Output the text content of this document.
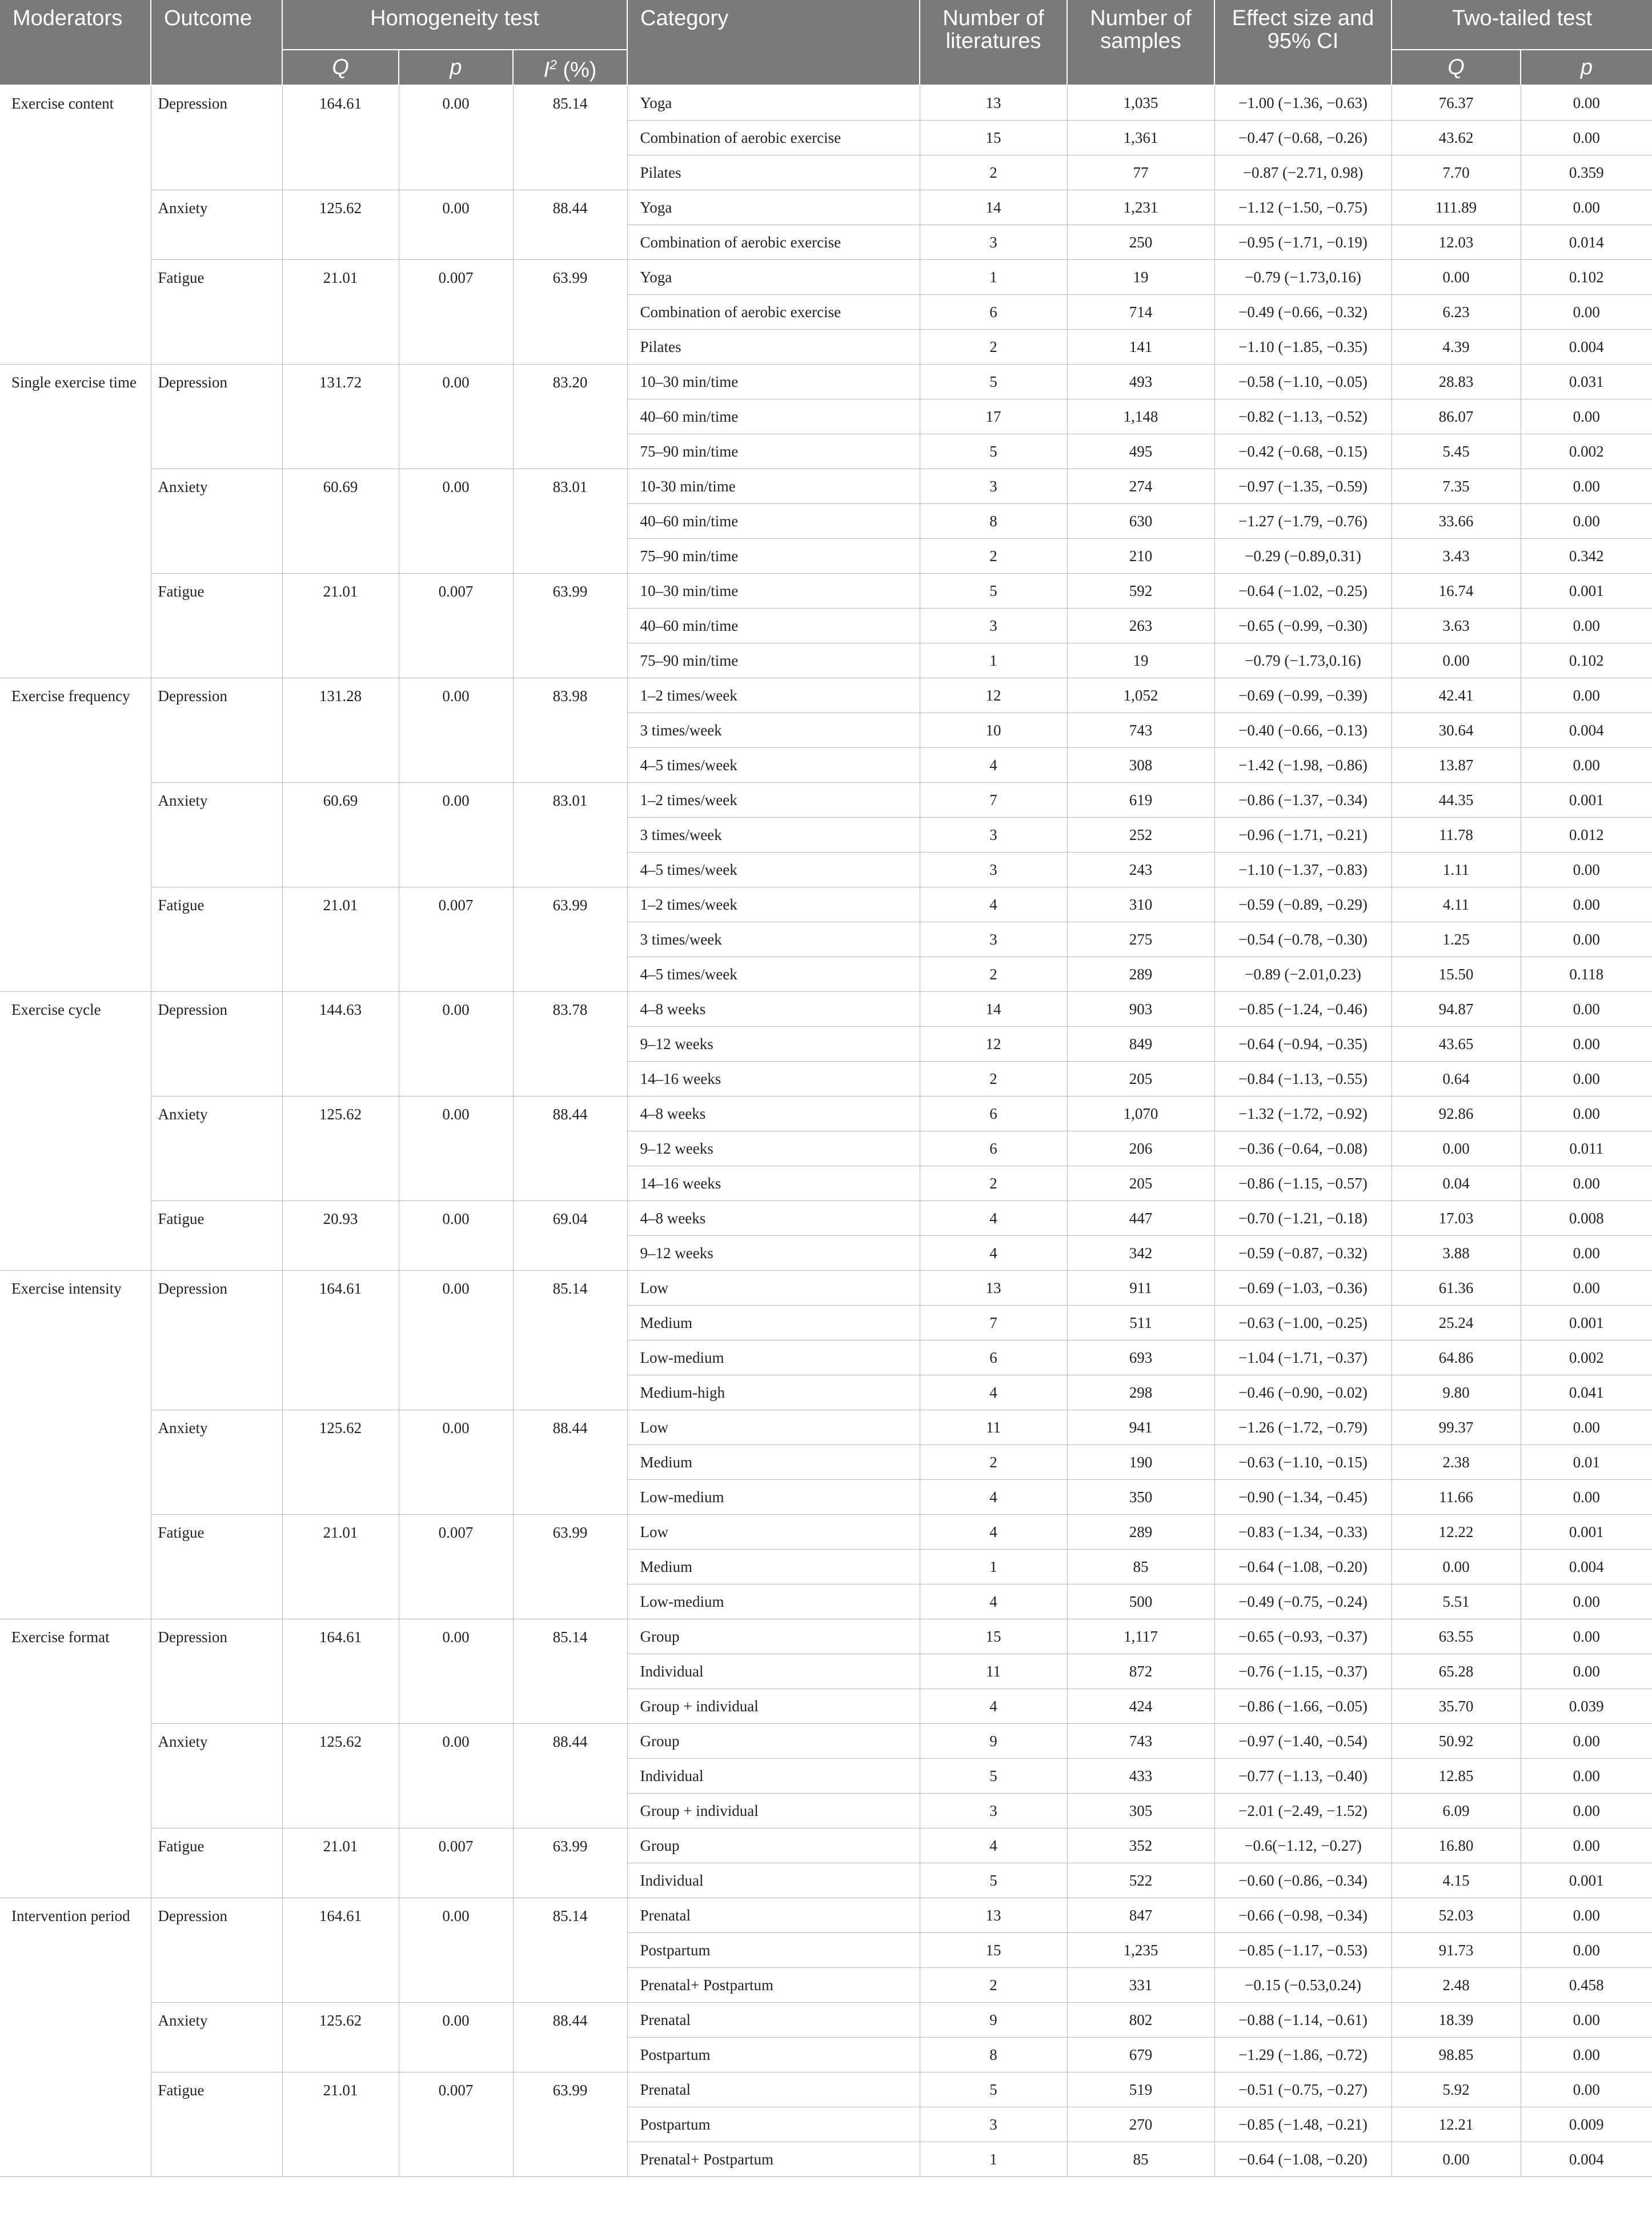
Moderators	Outcome	Homogeneity test			Category	Number of literatures	Number of samples	Effect size and 95% CI	Two-tailed test	
		Q	p	$I^2$ (%)					Q	p
Exercise content	Depression	164.61	0.00	85.14	Yoga	13	1,035	−1.00 (−1.36, −0.63)	76.37	0.00
					Combination of aerobic exercise	15	1,361	−0.47 (−0.68, −0.26)	43.62	0.00
					Pilates	2	77	−0.87 (−2.71, 0.98)	7.70	0.359
	Anxiety	125.62	0.00	88.44	Yoga	14	1,231	−1.12 (−1.50, −0.75)	111.89	0.00
					Combination of aerobic exercise	3	250	−0.95 (−1.71, −0.19)	12.03	0.014
	Fatigue	21.01	0.007	63.99	Yoga	1	19	−0.79 (−1.73,0.16)	0.00	0.102
					Combination of aerobic exercise	6	714	−0.49 (−0.66, −0.32)	6.23	0.00
					Pilates	2	141	−1.10 (−1.85, −0.35)	4.39	0.004
Single exercise time	Depression	131.72	0.00	83.20	10–30 min/time	5	493	−0.58 (−1.10, −0.05)	28.83	0.031
					40–60 min/time	17	1,148	−0.82 (−1.13, −0.52)	86.07	0.00
					75–90 min/time	5	495	−0.42 (−0.68, −0.15)	5.45	0.002
	Anxiety	60.69	0.00	83.01	10-30 min/time	3	274	−0.97 (−1.35, −0.59)	7.35	0.00
					40–60 min/time	8	630	−1.27 (−1.79, −0.76)	33.66	0.00
					75–90 min/time	2	210	−0.29 (−0.89,0.31)	3.43	0.342
	Fatigue	21.01	0.007	63.99	10–30 min/time	5	592	−0.64 (−1.02, −0.25)	16.74	0.001
					40–60 min/time	3	263	−0.65 (−0.99, −0.30)	3.63	0.00
					75–90 min/time	1	19	−0.79 (−1.73,0.16)	0.00	0.102
Exercise frequency	Depression	131.28	0.00	83.98	1–2 times/week	12	1,052	−0.69 (−0.99, −0.39)	42.41	0.00
					3 times/week	10	743	−0.40 (−0.66, −0.13)	30.64	0.004
					4–5 times/week	4	308	−1.42 (−1.98, −0.86)	13.87	0.00
	Anxiety	60.69	0.00	83.01	1–2 times/week	7	619	−0.86 (−1.37, −0.34)	44.35	0.001
					3 times/week	3	252	−0.96 (−1.71, −0.21)	11.78	0.012
					4–5 times/week	3	243	−1.10 (−1.37, −0.83)	1.11	0.00
	Fatigue	21.01	0.007	63.99	1–2 times/week	4	310	−0.59 (−0.89, −0.29)	4.11	0.00
					3 times/week	3	275	−0.54 (−0.78, −0.30)	1.25	0.00
					4–5 times/week	2	289	−0.89 (−2.01,0.23)	15.50	0.118
Exercise cycle	Depression	144.63	0.00	83.78	4–8 weeks	14	903	−0.85 (−1.24, −0.46)	94.87	0.00
					9–12 weeks	12	849	−0.64 (−0.94, −0.35)	43.65	0.00
					14–16 weeks	2	205	−0.84 (−1.13, −0.55)	0.64	0.00
	Anxiety	125.62	0.00	88.44	4–8 weeks	6	1,070	−1.32 (−1.72, −0.92)	92.86	0.00
					9–12 weeks	6	206	−0.36 (−0.64, −0.08)	0.00	0.011
					14–16 weeks	2	205	−0.86 (−1.15, −0.57)	0.04	0.00
	Fatigue	20.93	0.00	69.04	4–8 weeks	4	447	−0.70 (−1.21, −0.18)	17.03	0.008
					9–12 weeks	4	342	−0.59 (−0.87, −0.32)	3.88	0.00
Exercise intensity	Depression	164.61	0.00	85.14	Low	13	911	−0.69 (−1.03, −0.36)	61.36	0.00
					Medium	7	511	−0.63 (−1.00, −0.25)	25.24	0.001
					Low-medium	6	693	−1.04 (−1.71, −0.37)	64.86	0.002
					Medium-high	4	298	−0.46 (−0.90, −0.02)	9.80	0.041
	Anxiety	125.62	0.00	88.44	Low	11	941	−1.26 (−1.72, −0.79)	99.37	0.00
					Medium	2	190	−0.63 (−1.10, −0.15)	2.38	0.01
					Low-medium	4	350	−0.90 (−1.34, −0.45)	11.66	0.00
	Fatigue	21.01	0.007	63.99	Low	4	289	−0.83 (−1.34, −0.33)	12.22	0.001
					Medium	1	85	−0.64 (−1.08, −0.20)	0.00	0.004
					Low-medium	4	500	−0.49 (−0.75, −0.24)	5.51	0.00
Exercise format	Depression	164.61	0.00	85.14	Group	15	1,117	−0.65 (−0.93, −0.37)	63.55	0.00
					Individual	11	872	−0.76 (−1.15, −0.37)	65.28	0.00
					Group + individual	4	424	−0.86 (−1.66, −0.05)	35.70	0.039
	Anxiety	125.62	0.00	88.44	Group	9	743	−0.97 (−1.40, −0.54)	50.92	0.00
					Individual	5	433	−0.77 (−1.13, −0.40)	12.85	0.00
					Group + individual	3	305	−2.01 (−2.49, −1.52)	6.09	0.00
	Fatigue	21.01	0.007	63.99	Group	4	352	−0.6(−1.12, −0.27)	16.80	0.00
					Individual	5	522	−0.60 (−0.86, −0.34)	4.15	0.001
Intervention period	Depression	164.61	0.00	85.14	Prenatal	13	847	−0.66 (−0.98, −0.34)	52.03	0.00
					Postpartum	15	1,235	−0.85 (−1.17, −0.53)	91.73	0.00
					Prenatal+ Postpartum	2	331	−0.15 (−0.53,0.24)	2.48	0.458
	Anxiety	125.62	0.00	88.44	Prenatal	9	802	−0.88 (−1.14, −0.61)	18.39	0.00
					Postpartum	8	679	−1.29 (−1.86, −0.72)	98.85	0.00
	Fatigue	21.01	0.007	63.99	Prenatal	5	519	−0.51 (−0.75, −0.27)	5.92	0.00
					Postpartum	3	270	−0.85 (−1.48, −0.21)	12.21	0.009
					Prenatal+ Postpartum	1	85	−0.64 (−1.08, −0.20)	0.00	0.004
